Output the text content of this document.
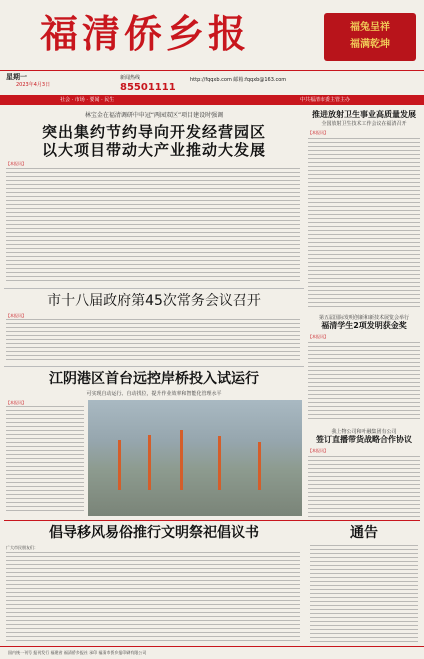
福清侨乡报	福兔呈祥
福满乾坤
星期一
2023年4月3日
新闻热线
85501111
http://fqqxb.com 邮箱:fqqxb@163.com
社会 · 市场 · 要闻 · 民生	中共福清市委主管主办
林宝金在福清调研中申冠“两园双区”项目建设时强调
突出集约节约导向开发经营园区
以大项目带动大产业推动大发展
【本报讯】
市十八届政府第45次常务会议召开
【本报讯】
江阴港区首台远控岸桥投入试运行
可实现自动运行、自动找位，提升作业效率和智能化管理水平
【本报讯】
推进放射卫生事业高质量发展
全国放射卫生技术工作会议在福清召开
【本报讯】
第五届国际发明创新和新技术展览会举行
福清学生2项发明获金奖
【本报讯】
我上物公司和叶融集团有公司
签订直播带货战略合作协议
【本报讯】
倡导移风易俗推行文明祭祀倡议书
广大市民朋友们：
通告
国内统一刊号 报刊发行 福建省 福清侨乡报社 承印 福清市侨乡报印刷有限公司
